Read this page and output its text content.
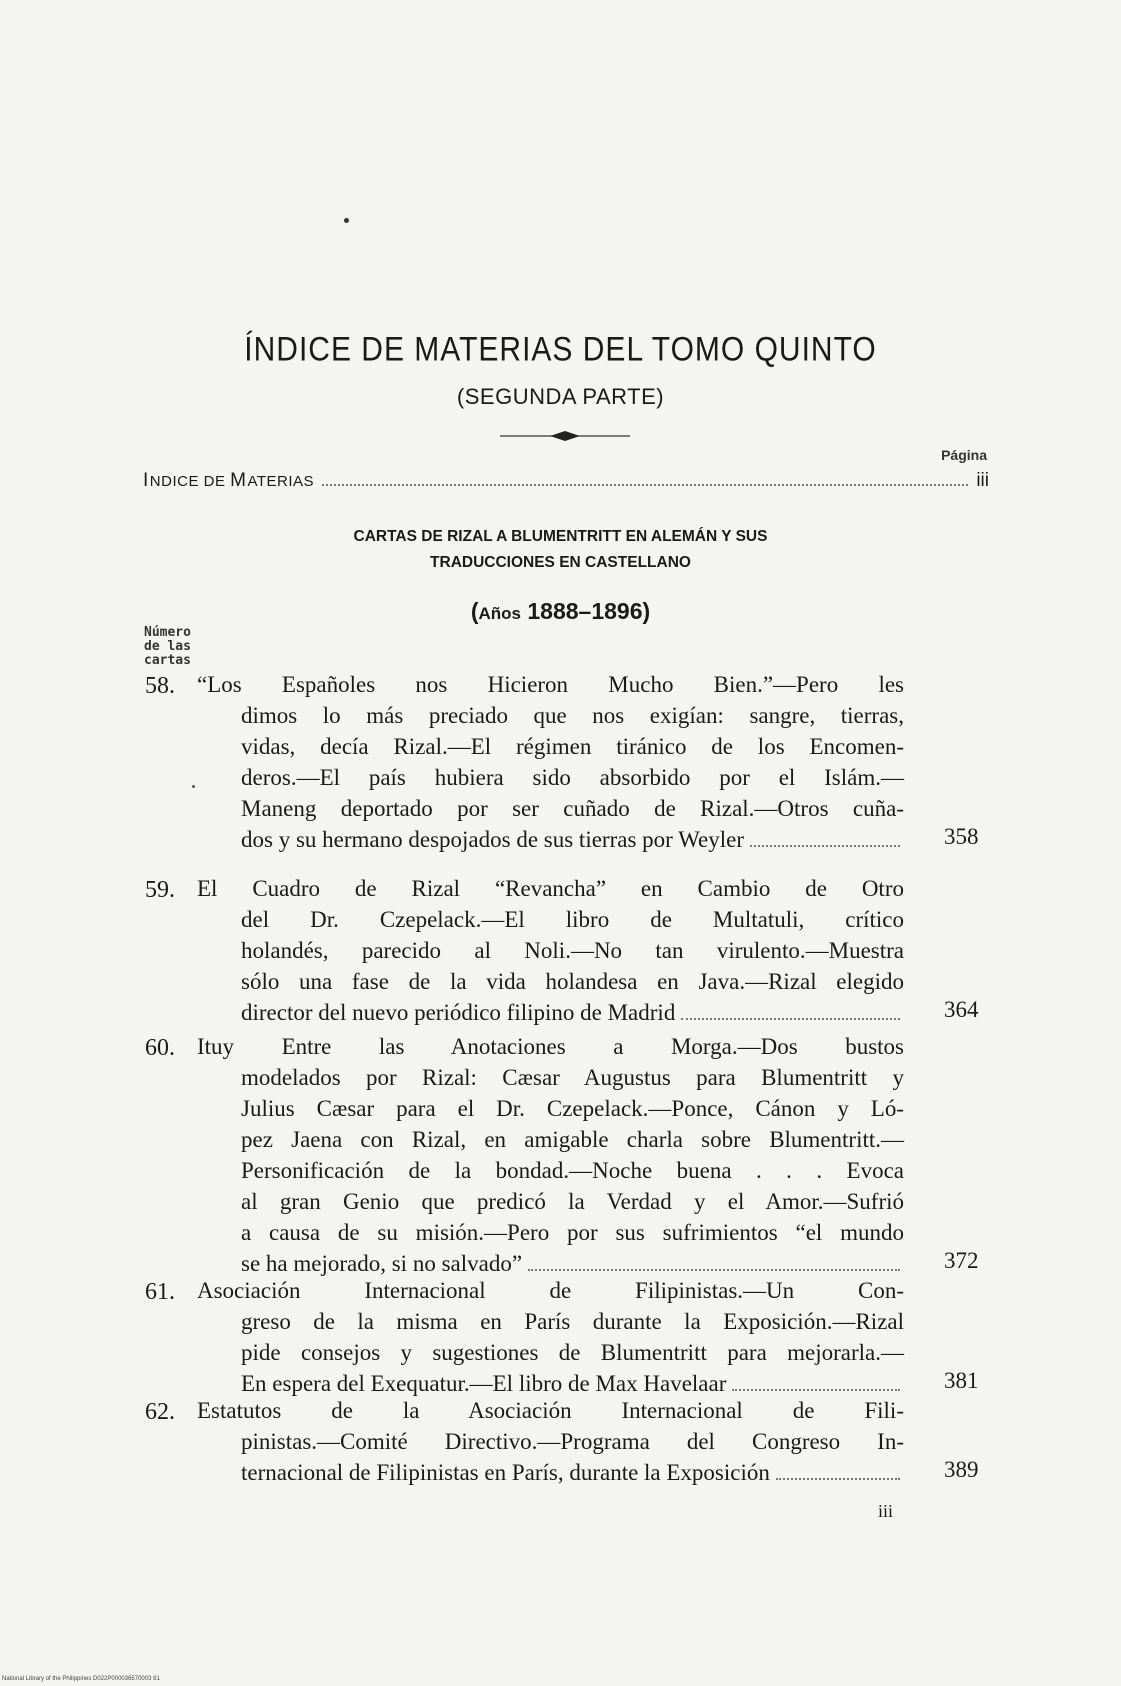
ÍNDICE DE MATERIAS DEL TOMO QUINTO
(SEGUNDA PARTE)
Página
INDICE DE MATERIAS	iii
CARTAS DE RIZAL A BLUMENTRITT EN ALEMÁN Y SUS
TRADUCCIONES EN CASTELLANO
(Años 1888–1896)
Número
de las
cartas
58. “Los Españoles nos Hicieron Mucho Bien.”—Pero les
dimos lo más preciado que nos exigían: sangre, tierras,
vidas, decía Rizal.—El régimen tiránico de los Encomen-
deros.—El país hubiera sido absorbido por el Islám.—
Maneng deportado por ser cuñado de Rizal.—Otros cuña-
dos y su hermano despojados de sus tierras por Weyler	358
59. El Cuadro de Rizal “Revancha” en Cambio de Otro
del Dr. Czepelack.—El libro de Multatuli, crítico
holandés, parecido al Noli.—No tan virulento.—Muestra
sólo una fase de la vida holandesa en Java.—Rizal elegido
director del nuevo periódico filipino de Madrid	364
60. Ituy Entre las Anotaciones a Morga.—Dos bustos
modelados por Rizal: Cæsar Augustus para Blumentritt y
Julius Cæsar para el Dr. Czepelack.—Ponce, Cánon y Ló-
pez Jaena con Rizal, en amigable charla sobre Blumentritt.—
Personificación de la bondad.—Noche buena . . . Evoca
al gran Genio que predicó la Verdad y el Amor.—Sufrió
a causa de su misión.—Pero por sus sufrimientos “el mundo
se ha mejorado, si no salvado”	372
61. Asociación Internacional de Filipinistas.—Un Con-
greso de la misma en París durante la Exposición.—Rizal
pide consejos y sugestiones de Blumentritt para mejorarla.—
En espera del Exequatur.—El libro de Max Havelaar	381
62. Estatutos de la Asociación Internacional de Fili-
pinistas.—Comité Directivo.—Programa del Congreso In-
ternacional de Filipinistas en París, durante la Exposición	389
iii
National Library of the Philippines D022P000036570003 81
